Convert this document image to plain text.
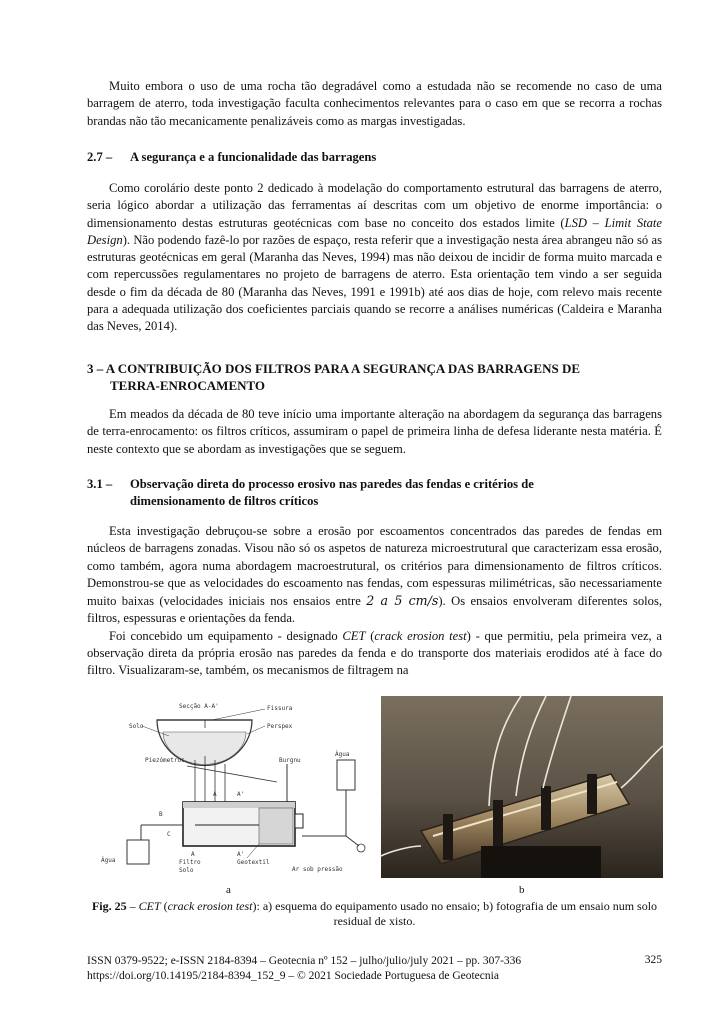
Muito embora o uso de uma rocha tão degradável como a estudada não se recomende no caso de uma barragem de aterro, toda investigação faculta conhecimentos relevantes para o caso em que se recorra a rochas brandas não tão mecanicamente penalizáveis como as margas investigadas.

2.7 – A segurança e a funcionalidade das barragens

Como corolário deste ponto 2 dedicado à modelação do comportamento estrutural das barragens de aterro, seria lógico abordar a utilização das ferramentas aí descritas com um objetivo de enorme importância: o dimensionamento destas estruturas geotécnicas com base no conceito dos estados limite (LSD – Limit State Design). Não podendo fazê-lo por razões de espaço, resta referir que a investigação nesta área abrangeu não só as estruturas geotécnicas em geral (Maranha das Neves, 1994) mas não deixou de incidir de forma muito marcada e com repercussões regulamentares no projeto de barragens de aterro. Esta orientação tem vindo a ser seguida desde o fim da década de 80 (Maranha das Neves, 1991 e 1991b) até aos dias de hoje, com relevo mais recente para a adequada utilização dos coeficientes parciais quando se recorre a análises numéricas (Caldeira e Maranha das Neves, 2014).

3 – A CONTRIBUIÇÃO DOS FILTROS PARA A SEGURANÇA DAS BARRAGENS DE
TERRA-ENROCAMENTO

Em meados da década de 80 teve início uma importante alteração na abordagem da segurança das barragens de terra-enrocamento: os filtros críticos, assumiram o papel de primeira linha de defesa liderante nesta matéria. É neste contexto que se abordam as investigações que se seguem.

3.1 – Observação direta do processo erosivo nas paredes das fendas e critérios de
dimensionamento de filtros críticos

Esta investigação debruçou-se sobre a erosão por escoamentos concentrados das paredes de fendas em núcleos de barragens zonadas. Visou não só os aspetos de natureza microestrutural que caracterizam essa erosão, como também, agora numa abordagem macroestrutural, os critérios para dimensionamento de filtros críticos. Demonstrou-se que as velocidades do escoamento nas fendas, com espessuras milimétricas, são necessariamente muito baixas (velocidades iniciais nos ensaios entre 2 a 5 cm/s). Os ensaios envolveram diferentes solos, filtros, espessuras e orientações da fenda.

Foi concebido um equipamento - designado CET (crack erosion test) - que permitiu, pela primeira vez, a observação direta da própria erosão nas paredes da fenda e do transporte dos materiais erodidos até à face do filtro. Visualizaram-se, também, os mecanismos de filtragem na

Secção A-A'	Fissura
Solo	Perspex
Água
Ar sob pressão
Piezómetros	Burgnu
A	A'
A	A'
B
C
Água	Filtro
Solo
Geotextil
a	b
Fig. 25 – CET (crack erosion test): a) esquema do equipamento usado no ensaio; b) fotografia de um ensaio num solo residual de xisto.
ISSN 0379-9522; e-ISSN 2184-8394 – Geotecnia nº 152 – julho/julio/july 2021 – pp. 307-336
https://doi.org/10.14195/2184-8394_152_9 – © 2021 Sociedade Portuguesa de Geotecnia
325
